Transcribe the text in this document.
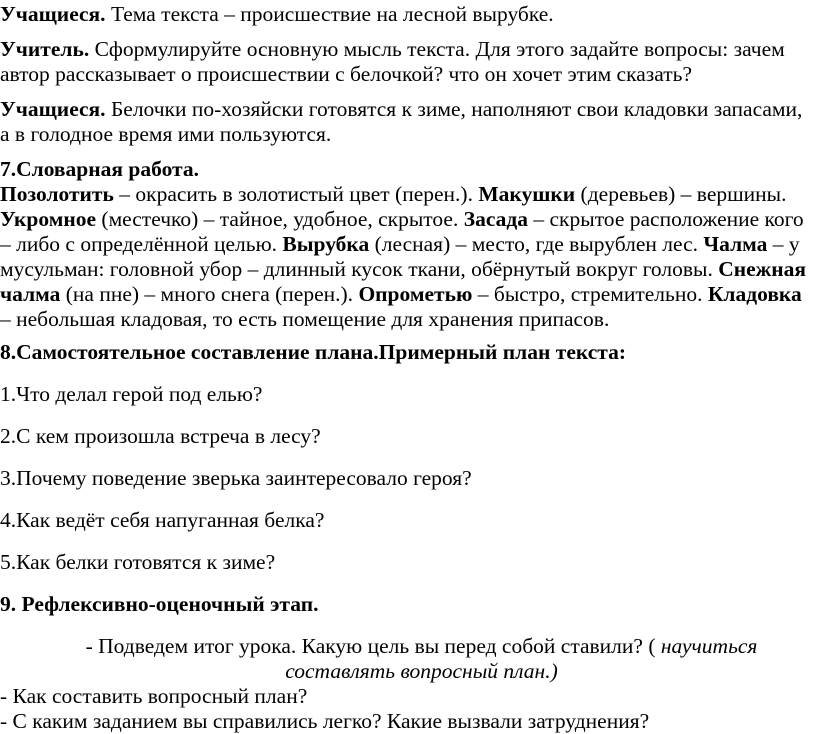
Учащиеся. Тема текста – происшествие на лесной вырубке.

Учитель. Сформулируйте основную мысль текста. Для этого задайте вопросы: зачем автор рассказывает о происшествии с белочкой? что он хочет этим сказать?

Учащиеся. Белочки по-хозяйски готовятся к зиме, наполняют свои кладовки запасами, а в голодное время ими пользуются.

7.Словарная работа.

Позолотить – окрасить в золотистый цвет (перен.). Макушки (деревьев) – вершины. Укромное (местечко) – тайное, удобное, скрытое. Засада – скрытое расположение кого – либо с определённой целью. Вырубка (лесная) – место, где вырублен лес. Чалма – у мусульман: головной убор – длинный кусок ткани, обёрнутый вокруг головы. Снежная чалма (на пне) – много снега (перен.). Опрометью – быстро, стремительно. Кладовка – небольшая кладовая, то есть помещение для хранения припасов.

8.Самостоятельное составление плана.Примерный план текста:

1.Что делал герой под елью?

2.С кем произошла встреча в лесу?

3.Почему поведение зверька заинтересовало героя?

4.Как ведёт себя напуганная белка?

5.Как белки готовятся к зиме?

9. Рефлексивно-оценочный этап.

- Подведем итог урока. Какую цель вы перед собой ставили? ( научиться составлять вопросный план.)

- Как составить вопросный план?

- С каким заданием вы справились легко? Какие вызвали затруднения?
